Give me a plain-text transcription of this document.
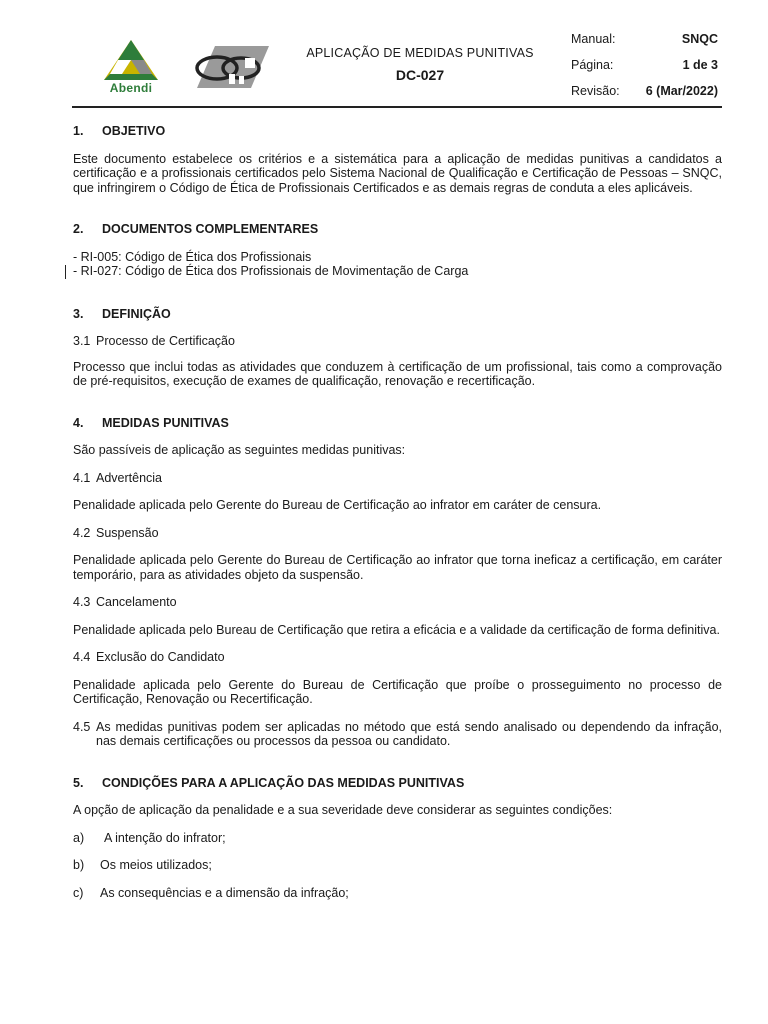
Abendi
APLICAÇÃO DE MEDIDAS PUNITIVAS
DC-027
Manual:	SNQC
Página:	1 de 3
Revisão: 6 (Mar/2022)
1. OBJETIVO

Este documento estabelece os critérios e a sistemática para a aplicação de medidas punitivas a candidatos a certificação e a profissionais certificados pelo Sistema Nacional de Qualificação e Certificação de Pessoas – SNQC, que infringirem o Código de Ética de Profissionais Certificados e as demais regras de conduta a eles aplicáveis.

2. DOCUMENTOS COMPLEMENTARES

- RI-005: Código de Ética dos Profissionais

- RI-027: Código de Ética dos Profissionais de Movimentação de Carga

3. DEFINIÇÃO
3.1 Processo de Certificação

Processo que inclui todas as atividades que conduzem à certificação de um profissional, tais como a comprovação de pré-requisitos, execução de exames de qualificação, renovação e recertificação.

4. MEDIDAS PUNITIVAS

São passíveis de aplicação as seguintes medidas punitivas:

4.1 Advertência

Penalidade aplicada pelo Gerente do Bureau de Certificação ao infrator em caráter de censura.

4.2 Suspensão

Penalidade aplicada pelo Gerente do Bureau de Certificação ao infrator que torna ineficaz a certificação, em caráter temporário, para as atividades objeto da suspensão.

4.3 Cancelamento

Penalidade aplicada pelo Bureau de Certificação que retira a eficácia e a validade da certificação de forma definitiva.

4.4 Exclusão do Candidato

Penalidade aplicada pelo Gerente do Bureau de Certificação que proíbe o prosseguimento no processo de Certificação, Renovação ou Recertificação.

4.5 As medidas punitivas podem ser aplicadas no método que está sendo analisado ou dependendo da infração, nas demais certificações ou processos da pessoa ou candidato.
5. CONDIÇÕES PARA A APLICAÇÃO DAS MEDIDAS PUNITIVAS

A opção de aplicação da penalidade e a sua severidade deve considerar as seguintes condições:

a) A intenção do infrator;
b) Os meios utilizados;
c) As consequências e a dimensão da infração;
